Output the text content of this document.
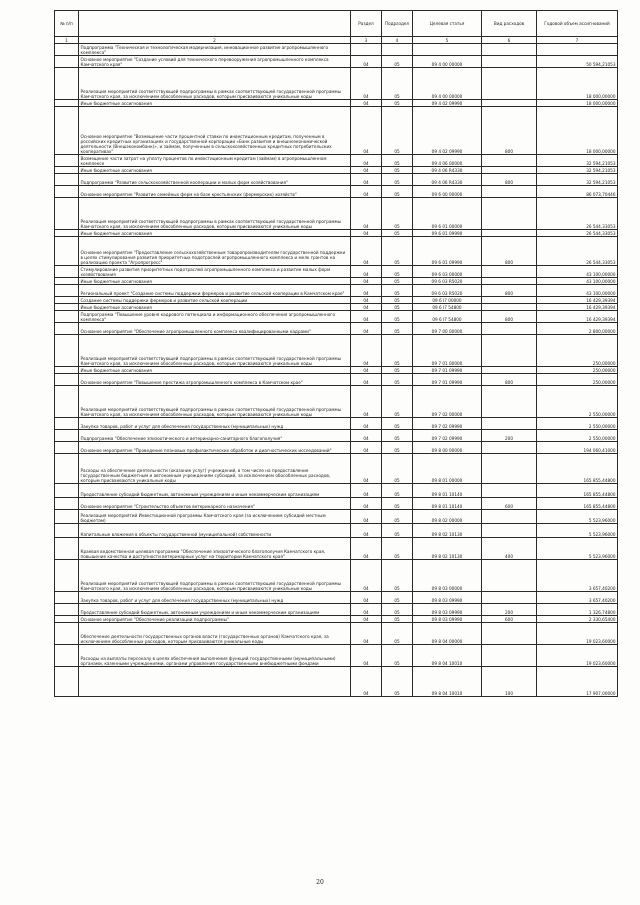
№ п/п		Раздел	Подраздел	Целевая статья	Вид расходов	Годовой объем ассигнований
1	2	3	4	5	6	7
	Подпрограмма "Техническая и технологическая модернизация, инновационное развитие агропромышленного комплекса"					
	Основное мероприятие "Создание условий для технического перевооружения агропромышленного комплекса Камчатского края"	04	05	09 4 00 00000		50 594,21053
	Реализация мероприятий соответствующей подпрограммы в рамках соответствующей государственной программы Камчатского края, за исключением обособленных расходов, которым присваиваются уникальные коды	04	05	09 4 00 00000		18 000,00000
	Иные бюджетные ассигнования	04	05	09 4 02 09990		18 000,00000
	Основное мероприятие "Возмещение части процентной ставки по инвестиционным кредитам, полученным в российских кредитных организациях и государственной корпорации «Банк развития и внешнеэкономической деятельности (Внешэкономбанк)», и займам, полученным в сельскохозяйственных кредитных потребительских кооперативах"	04	05	09 4 02 09990	800	18 000,00000
	Возмещение части затрат на уплату процентов по инвестиционным кредитам (займам) в агропромышленном комплексе	04	05	09 4 06 00000		32 594,21053
	Иные бюджетные ассигнования	04	05	09 4 06 R4330		32 594,21053
	Подпрограмма "Развитие сельскохозяйственной кооперации и малых форм хозяйствования"	04	05	09 4 06 R4330	800	32 594,21053
	Основное мероприятие "Развитие семейных ферм на базе крестьянских (фермерских) хозяйств"	04	05	09 6 00 00000		86 073,70446
	Реализация мероприятий соответствующей подпрограммы в рамках соответствующей государственной программы Камчатского края, за исключением обособленных расходов, которым присваиваются уникальные коды	04	05	09 6 01 00000		26 544,33053
	Иные бюджетные ассигнования	04	05	09 6 01 09990		26 544,33053
	Основное мероприятие "Предоставление сельскохозяйственным товаропроизводителям государственной поддержки в целях стимулирования развития приоритетных подотраслей агропромышленного комплекса и мелк грантов на реализацию проекта "Агропрогресс"	04	05	09 6 01 09990	800	26 544,33053
	Стимулирование развития приоритетных подотраслей агропромышленного комплекса и развитие малых форм хозяйствования	04	05	09 6 03 00000		43 100,00000
	Иные бюджетные ассигнования	04	05	09 6 03 R5020		43 100,00000
	Региональный проект "Создание системы поддержки фермеров и развитие сельской кооперации в Камчатском крае"	04	05	09 6 03 R5020	800	43 100,00000
	Создание системы поддержки фермеров и развитие сельской кооперации	04	05	09 6 I7 00000		16 429,39394
	Иные бюджетные ассигнования	04	05	09 6 I7 54800		16 429,39394
	Подпрограмма "Повышение уровня кадрового потенциала и информационного обеспечения агропромышленного комплекса"	04	05	09 6 I7 54800	800	16 429,39394
	Основное мероприятие "Обеспечение агропромышленного комплекса квалифицированными кадрами"	04	05	09 7 00 00000		2 800,00000
	Реализация мероприятий соответствующей подпрограммы в рамках соответствующей государственной программы Камчатского края, за исключением обособленных расходов, которым присваиваются уникальные коды	04	05	09 7 01 00000		250,00000
	Иные бюджетные ассигнования	04	05	09 7 01 09990		250,00000
	Основное мероприятие "Повышение престижа агропромышленного комплекса в Камчатском крае"	04	05	09 7 01 09990	800	250,00000
	Реализация мероприятий соответствующей подпрограммы в рамках соответствующей государственной программы Камчатского края, за исключением обособленных расходов, которым присваиваются уникальные коды	04	05	09 7 02 00000		2 550,00000
	Закупка товаров, работ и услуг для обеспечения государственных (муниципальных) нужд	04	05	09 7 02 09990		2 550,00000
	Подпрограмма "Обеспечение эпизоотического и ветеринарно-санитарного благополучия"	04	05	09 7 02 09990	200	2 550,00000
	Основное мероприятие "Проведение плановых профилактических обработок и диагностических исследований"	04	05	09 8 00 00000		194 060,41000
	Расходы на обеспечение деятельности (оказание услуг) учреждений, в том числе на предоставление государственным бюджетным и автономным учреждениям субсидий, за исключением обособленных расходов, которым присваиваются уникальные коды	04	05	09 8 01 00000		165 855,44800
	Предоставление субсидий бюджетным, автономным учреждениям и иным некоммерческим организациям	04	05	09 8 01 10140		165 855,44800
	Основное мероприятие "Строительство объектов ветеринарного назначения"	04	05	09 8 01 10140	600	165 855,44800
	Реализация мероприятий Инвестиционной программы Камчатского края (за исключением субсидий местным бюджетам)	04	05	09 8 02 00000		5 523,96000
	Капитальные вложения в объекты государственной (муниципальной) собственности	04	05	09 8 02 10130		5 523,96000
	Краевая ведомственная целевая программа "Обеспечение эпизоотического благополучия Камчатского края, повышение качества и доступности ветеринарных услуг на территории Камчатского края"	04	05	09 8 02 10130	400	5 523,96000
	Реализация мероприятий соответствующей подпрограммы в рамках соответствующей государственной программы Камчатского края, за исключением обособленных расходов, которым присваиваются уникальные коды	04	05	09 8 03 00000		3 657,40200
	Закупка товаров, работ и услуг для обеспечения государственных (муниципальных) нужд	04	05	09 8 03 09990		3 657,40200
	Предоставление субсидий бюджетным, автономным учреждениям и иным некоммерческим организациям	04	05	09 8 03 09990	200	1 326,74800
	Основное мероприятие "Обеспечение реализации подпрограммы"	04	05	09 8 03 09990	600	2 330,65400
	Обеспечение деятельности государственных органов власти (государственных органов) Камчатского края, за исключением обособленных расходов, которым присваиваются уникальные коды	04	05	09 8 04 00000		19 023,60000
	Расходы на выплаты персоналу в целях обеспечения выполнения функций государственными (муниципальными) органами, казенными учреждениями, органами управления государственными внебюджетными фондами	04	05	09 8 04 10010		19 023,60000
		04	05	09 8 04 10010	100	17 907,00000
20
